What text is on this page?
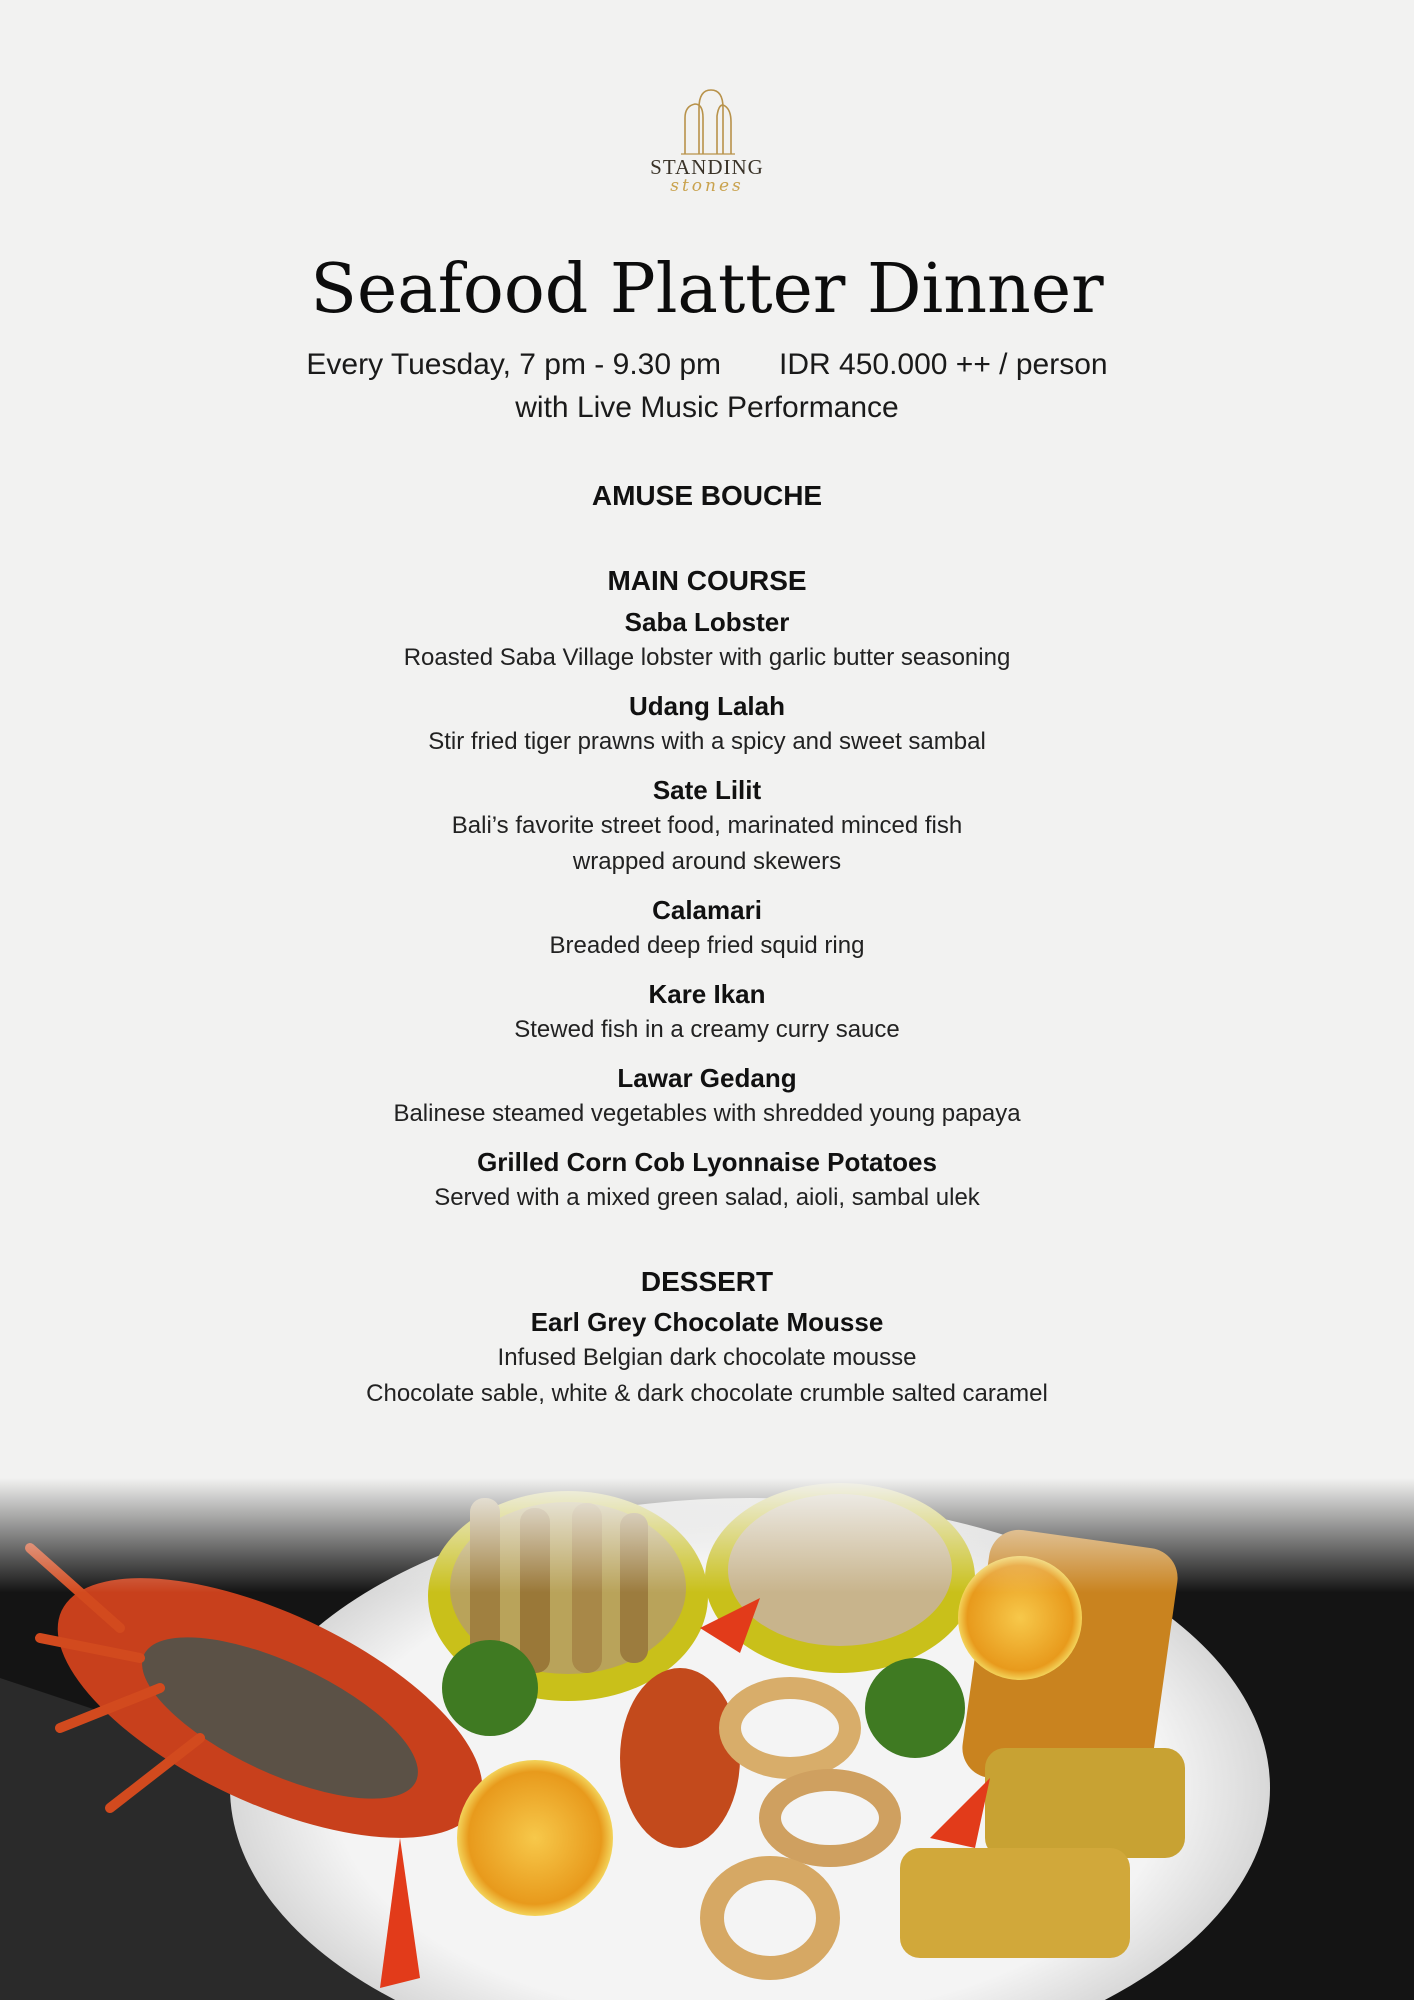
STANDING
stones
Seafood Platter Dinner
Every Tuesday, 7 pm - 9.30 pm IDR 450.000 ++ / person
with Live Music Performance
AMUSE BOUCHE
MAIN COURSE
Saba Lobster
Roasted Saba Village lobster with garlic butter seasoning
Udang Lalah
Stir fried tiger prawns with a spicy and sweet sambal
Sate Lilit
Bali’s favorite street food, marinated minced fish
wrapped around skewers
Calamari
Breaded deep fried squid ring
Kare Ikan
Stewed fish in a creamy curry sauce
Lawar Gedang
Balinese steamed vegetables with shredded young papaya
Grilled Corn Cob Lyonnaise Potatoes
Served with a mixed green salad, aioli, sambal ulek
DESSERT
Earl Grey Chocolate Mousse
Infused Belgian dark chocolate mousse
Chocolate sable, white & dark chocolate crumble salted caramel
